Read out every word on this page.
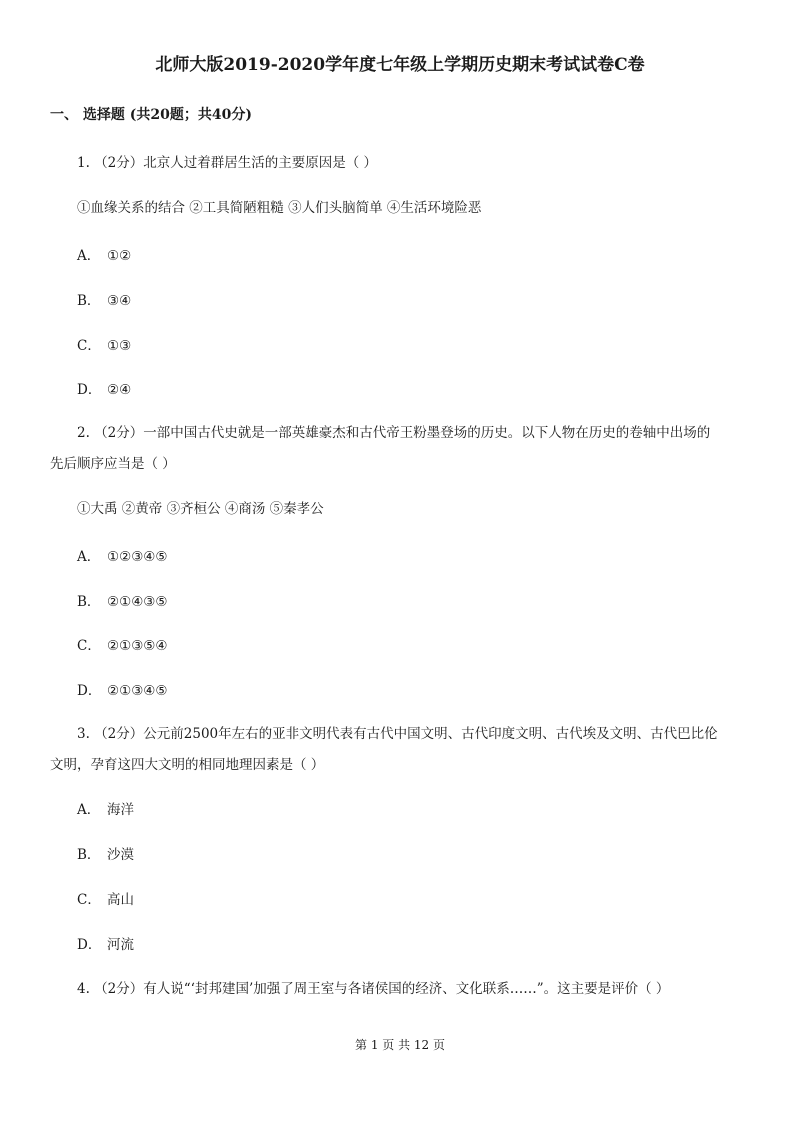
北师大版2019-2020学年度七年级上学期历史期末考试试卷C卷
一、 选择题 (共20题；共40分)
1. （2分）北京人过着群居生活的主要原因是（ ）
①血缘关系的结合 ②工具简陋粗糙 ③人们头脑简单 ④生活环境险恶
A． ①②
B． ③④
C． ①③
D． ②④
2. （2分）一部中国古代史就是一部英雄豪杰和古代帝王粉墨登场的历史。以下人物在历史的卷轴中出场的
先后顺序应当是（ ）
①大禹 ②黄帝 ③齐桓公 ④商汤 ⑤秦孝公
A． ①②③④⑤
B． ②①④③⑤
C． ②①③⑤④
D． ②①③④⑤
3. （2分）公元前2500年左右的亚非文明代表有古代中国文明、古代印度文明、古代埃及文明、古代巴比伦
文明，孕育这四大文明的相同地理因素是（ ）
A． 海洋
B． 沙漠
C． 高山
D． 河流
4. （2分）有人说“‘封邦建国’加强了周王室与各诸侯国的经济、文化联系……”。这主要是评价（ ）
第 1 页 共 12 页
